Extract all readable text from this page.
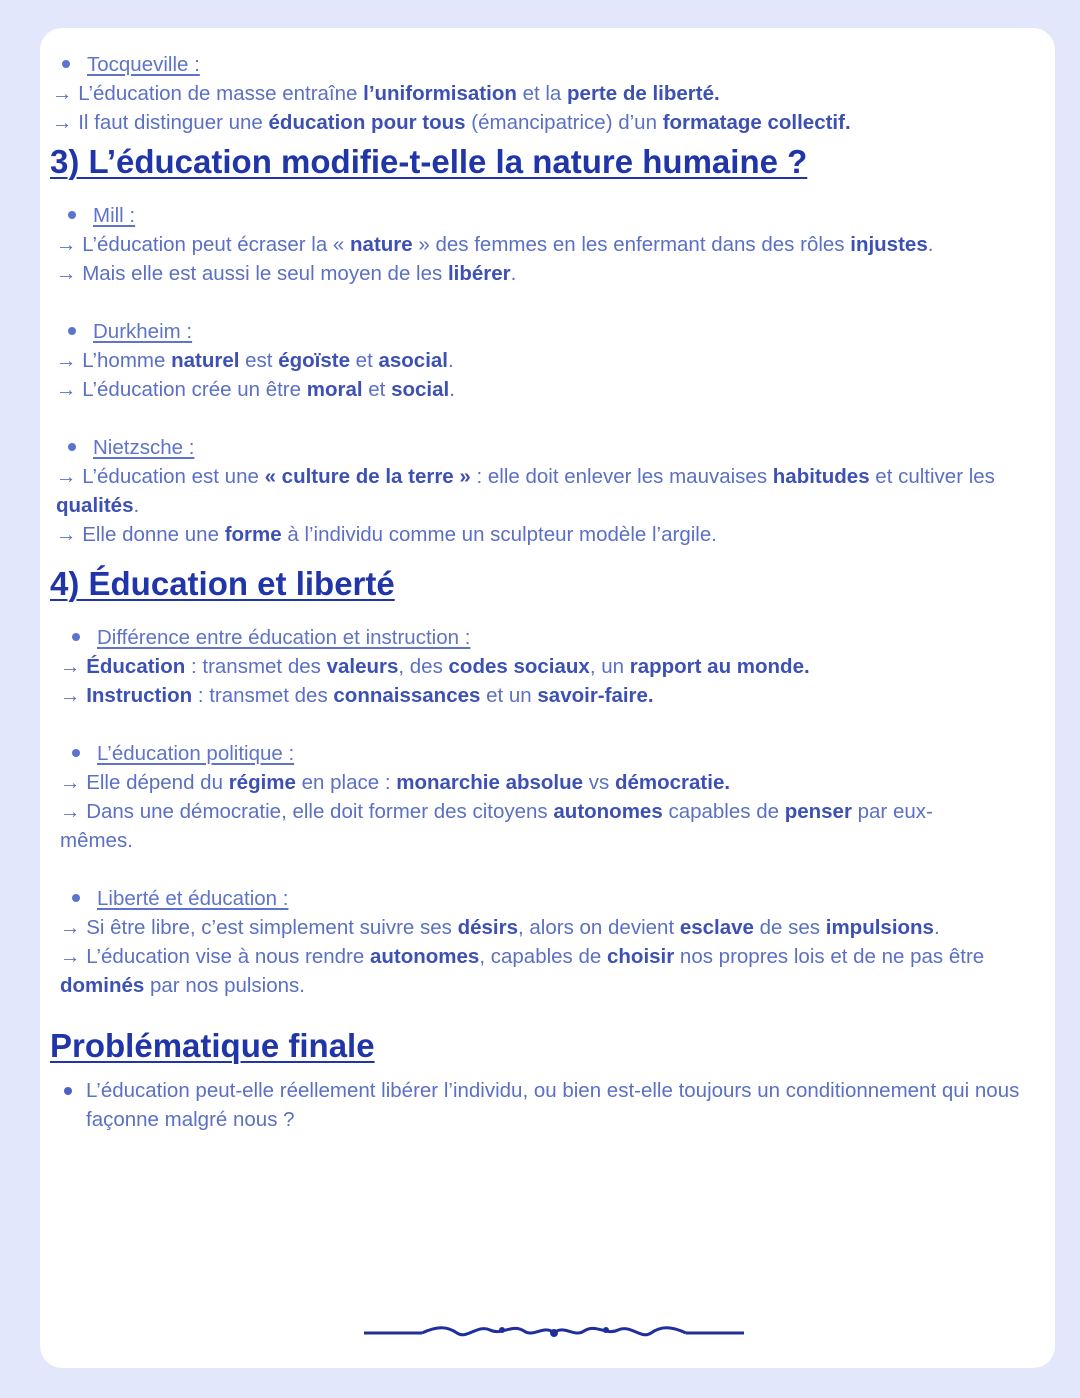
Tocqueville :
→ L’éducation de masse entraîne l’uniformisation et la perte de liberté.
→ Il faut distinguer une éducation pour tous (émancipatrice) d’un formatage collectif.
3) L’éducation modifie-t-elle la nature humaine ?
Mill :
→ L’éducation peut écraser la « nature » des femmes en les enfermant dans des rôles injustes.
→ Mais elle est aussi le seul moyen de les libérer.
Durkheim :
→ L’homme naturel est égoïste et asocial.
→ L’éducation crée un être moral et social.
Nietzsche :
→ L’éducation est une « culture de la terre » : elle doit enlever les mauvaises habitudes et cultiver les qualités.
→ Elle donne une forme à l’individu comme un sculpteur modèle l’argile.
4) Éducation et liberté
Différence entre éducation et instruction :
→ Éducation : transmet des valeurs, des codes sociaux, un rapport au monde.
→ Instruction : transmet des connaissances et un savoir-faire.
L’éducation politique :
→ Elle dépend du régime en place : monarchie absolue vs démocratie.
→ Dans une démocratie, elle doit former des citoyens autonomes capables de penser par eux-mêmes.
Liberté et éducation :
→ Si être libre, c’est simplement suivre ses désirs, alors on devient esclave de ses impulsions.
→ L’éducation vise à nous rendre autonomes, capables de choisir nos propres lois et de ne pas être dominés par nos pulsions.
Problématique finale
L’éducation peut-elle réellement libérer l’individu, ou bien est-elle toujours un conditionnement qui nous façonne malgré nous ?
